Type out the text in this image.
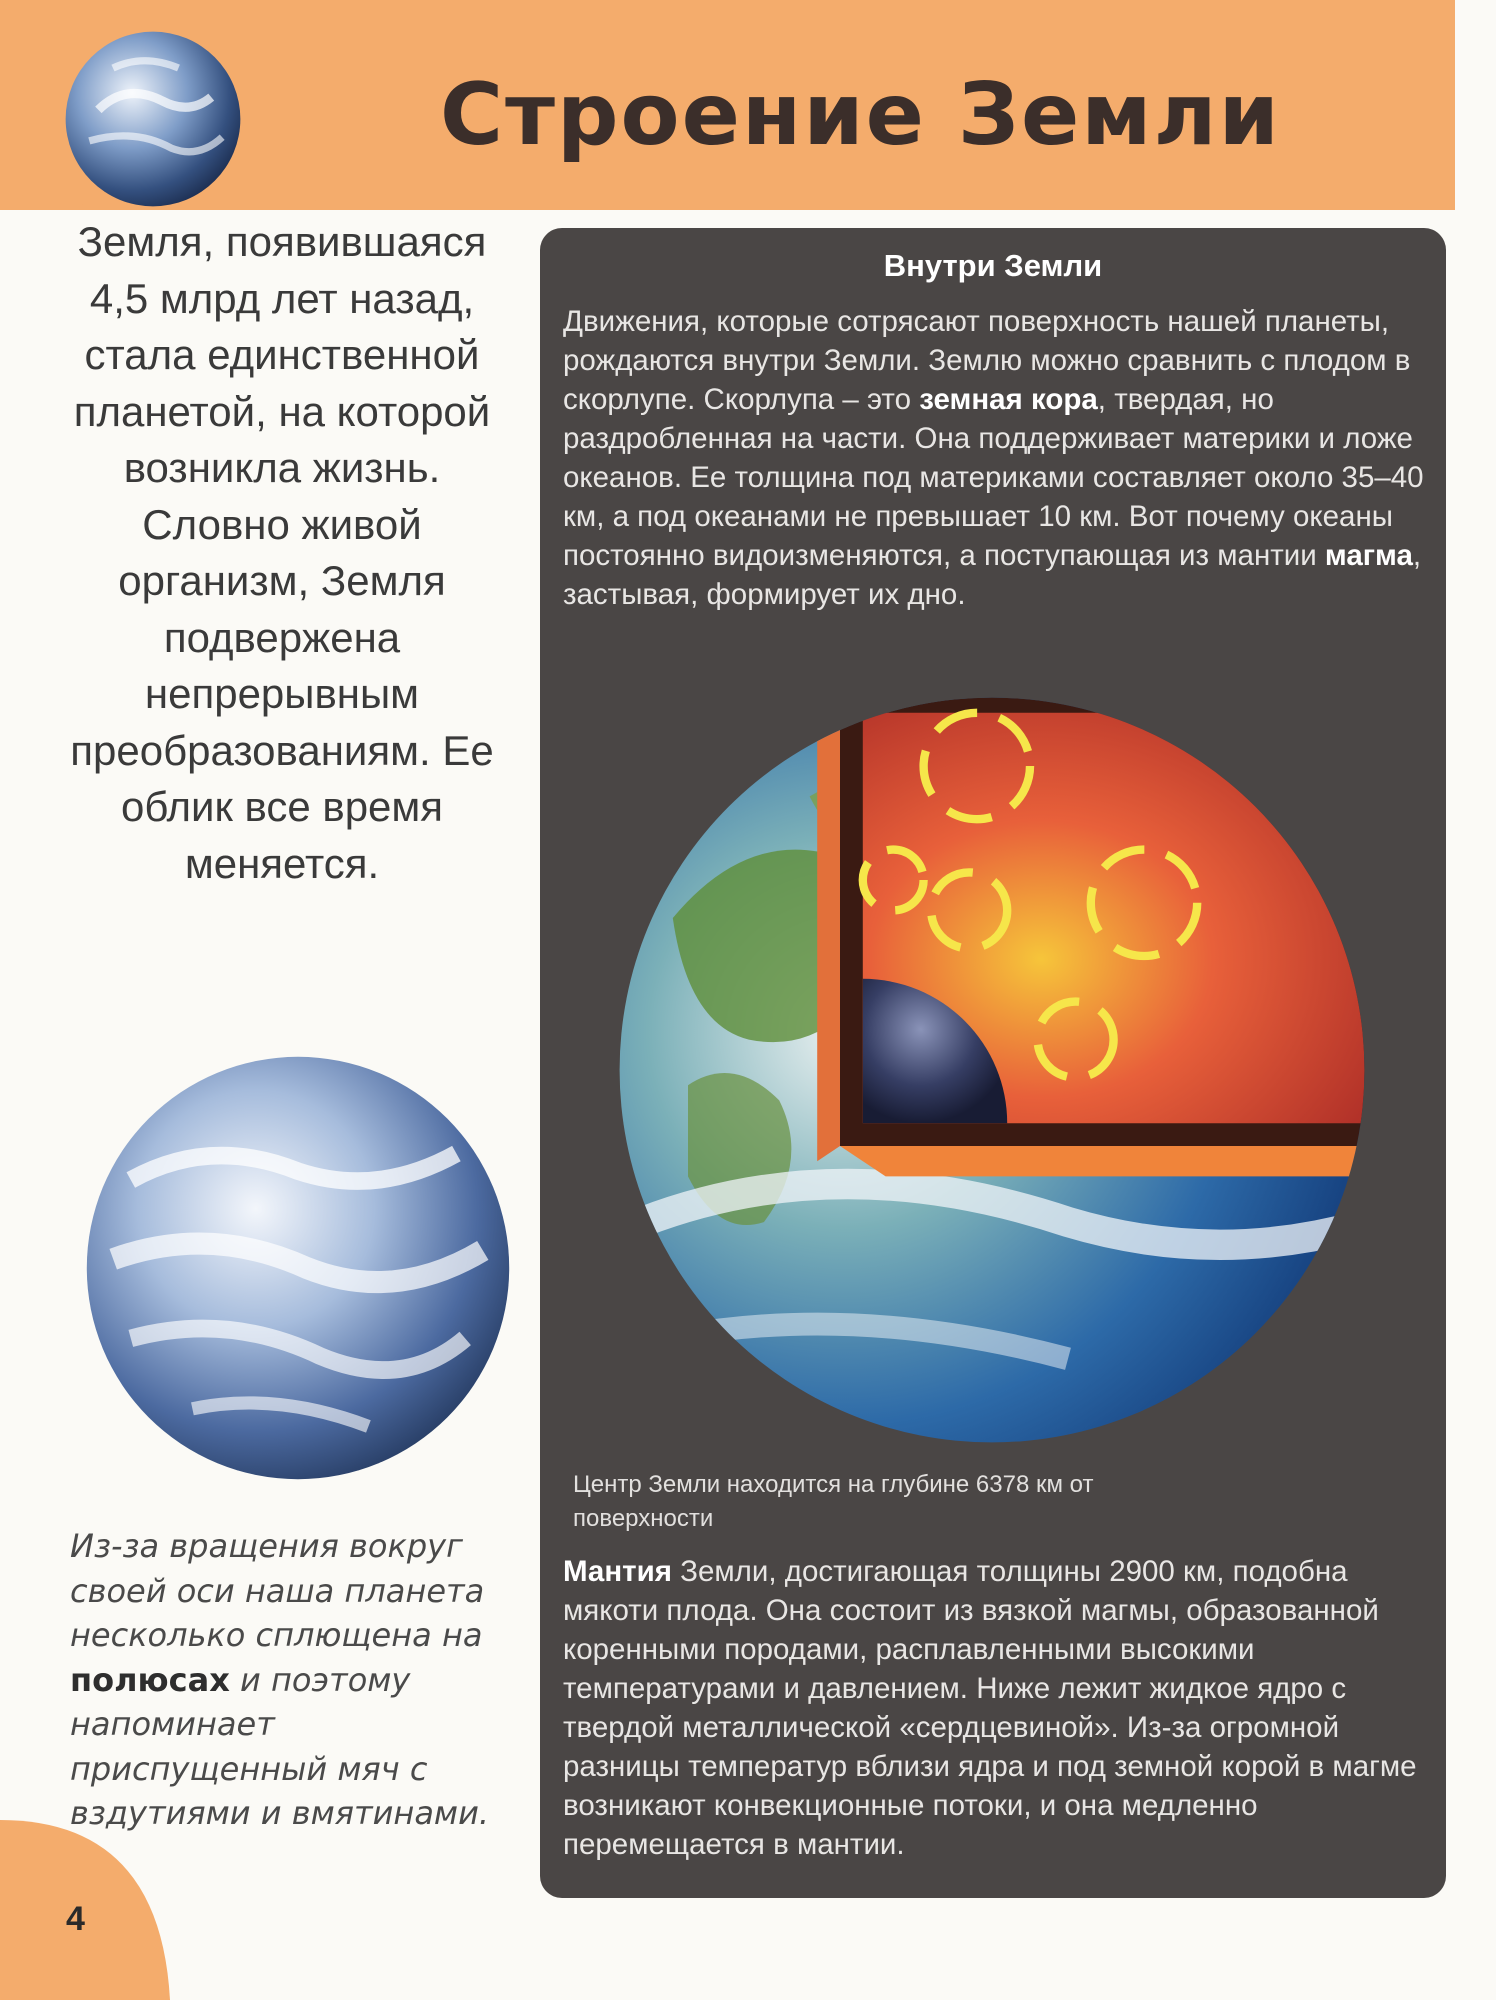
Строение Земли
Земля, появившаяся 4,5 млрд лет назад, стала единственной планетой, на которой возникла жизнь. Словно живой организм, Земля подвержена непрерывным преобразованиям. Ее облик все время меняется.
Из-за вращения вокруг своей оси наша планета несколько сплющена на полюсах и поэтому напоминает приспущенный мяч с вздутиями и вмятинами.
4
Внутри Земли
Движения, которые сотрясают поверхность нашей планеты, рождаются внутри Земли. Землю можно сравнить с плодом в скорлупе. Скорлупа – это земная кора, твердая, но раздробленная на части. Она поддерживает материки и ложе океанов. Ее толщина под материками составляет около 35–40 км, а под океанами не превышает 10 км. Вот почему океаны постоянно видоизменяются, а поступающая из мантии магма, застывая, формирует их дно.
Центр Земли находится на глубине 6378 км от поверхности
Мантия Земли, достигающая толщины 2900 км, подобна мякоти плода. Она состоит из вязкой магмы, образованной коренными породами, расплавленными высокими температурами и давлением. Ниже лежит жидкое ядро с твердой металлической «сердцевиной». Из-за огромной разницы температур вблизи ядра и под земной корой в магме возникают конвекционные потоки, и она медленно перемещается в мантии.
